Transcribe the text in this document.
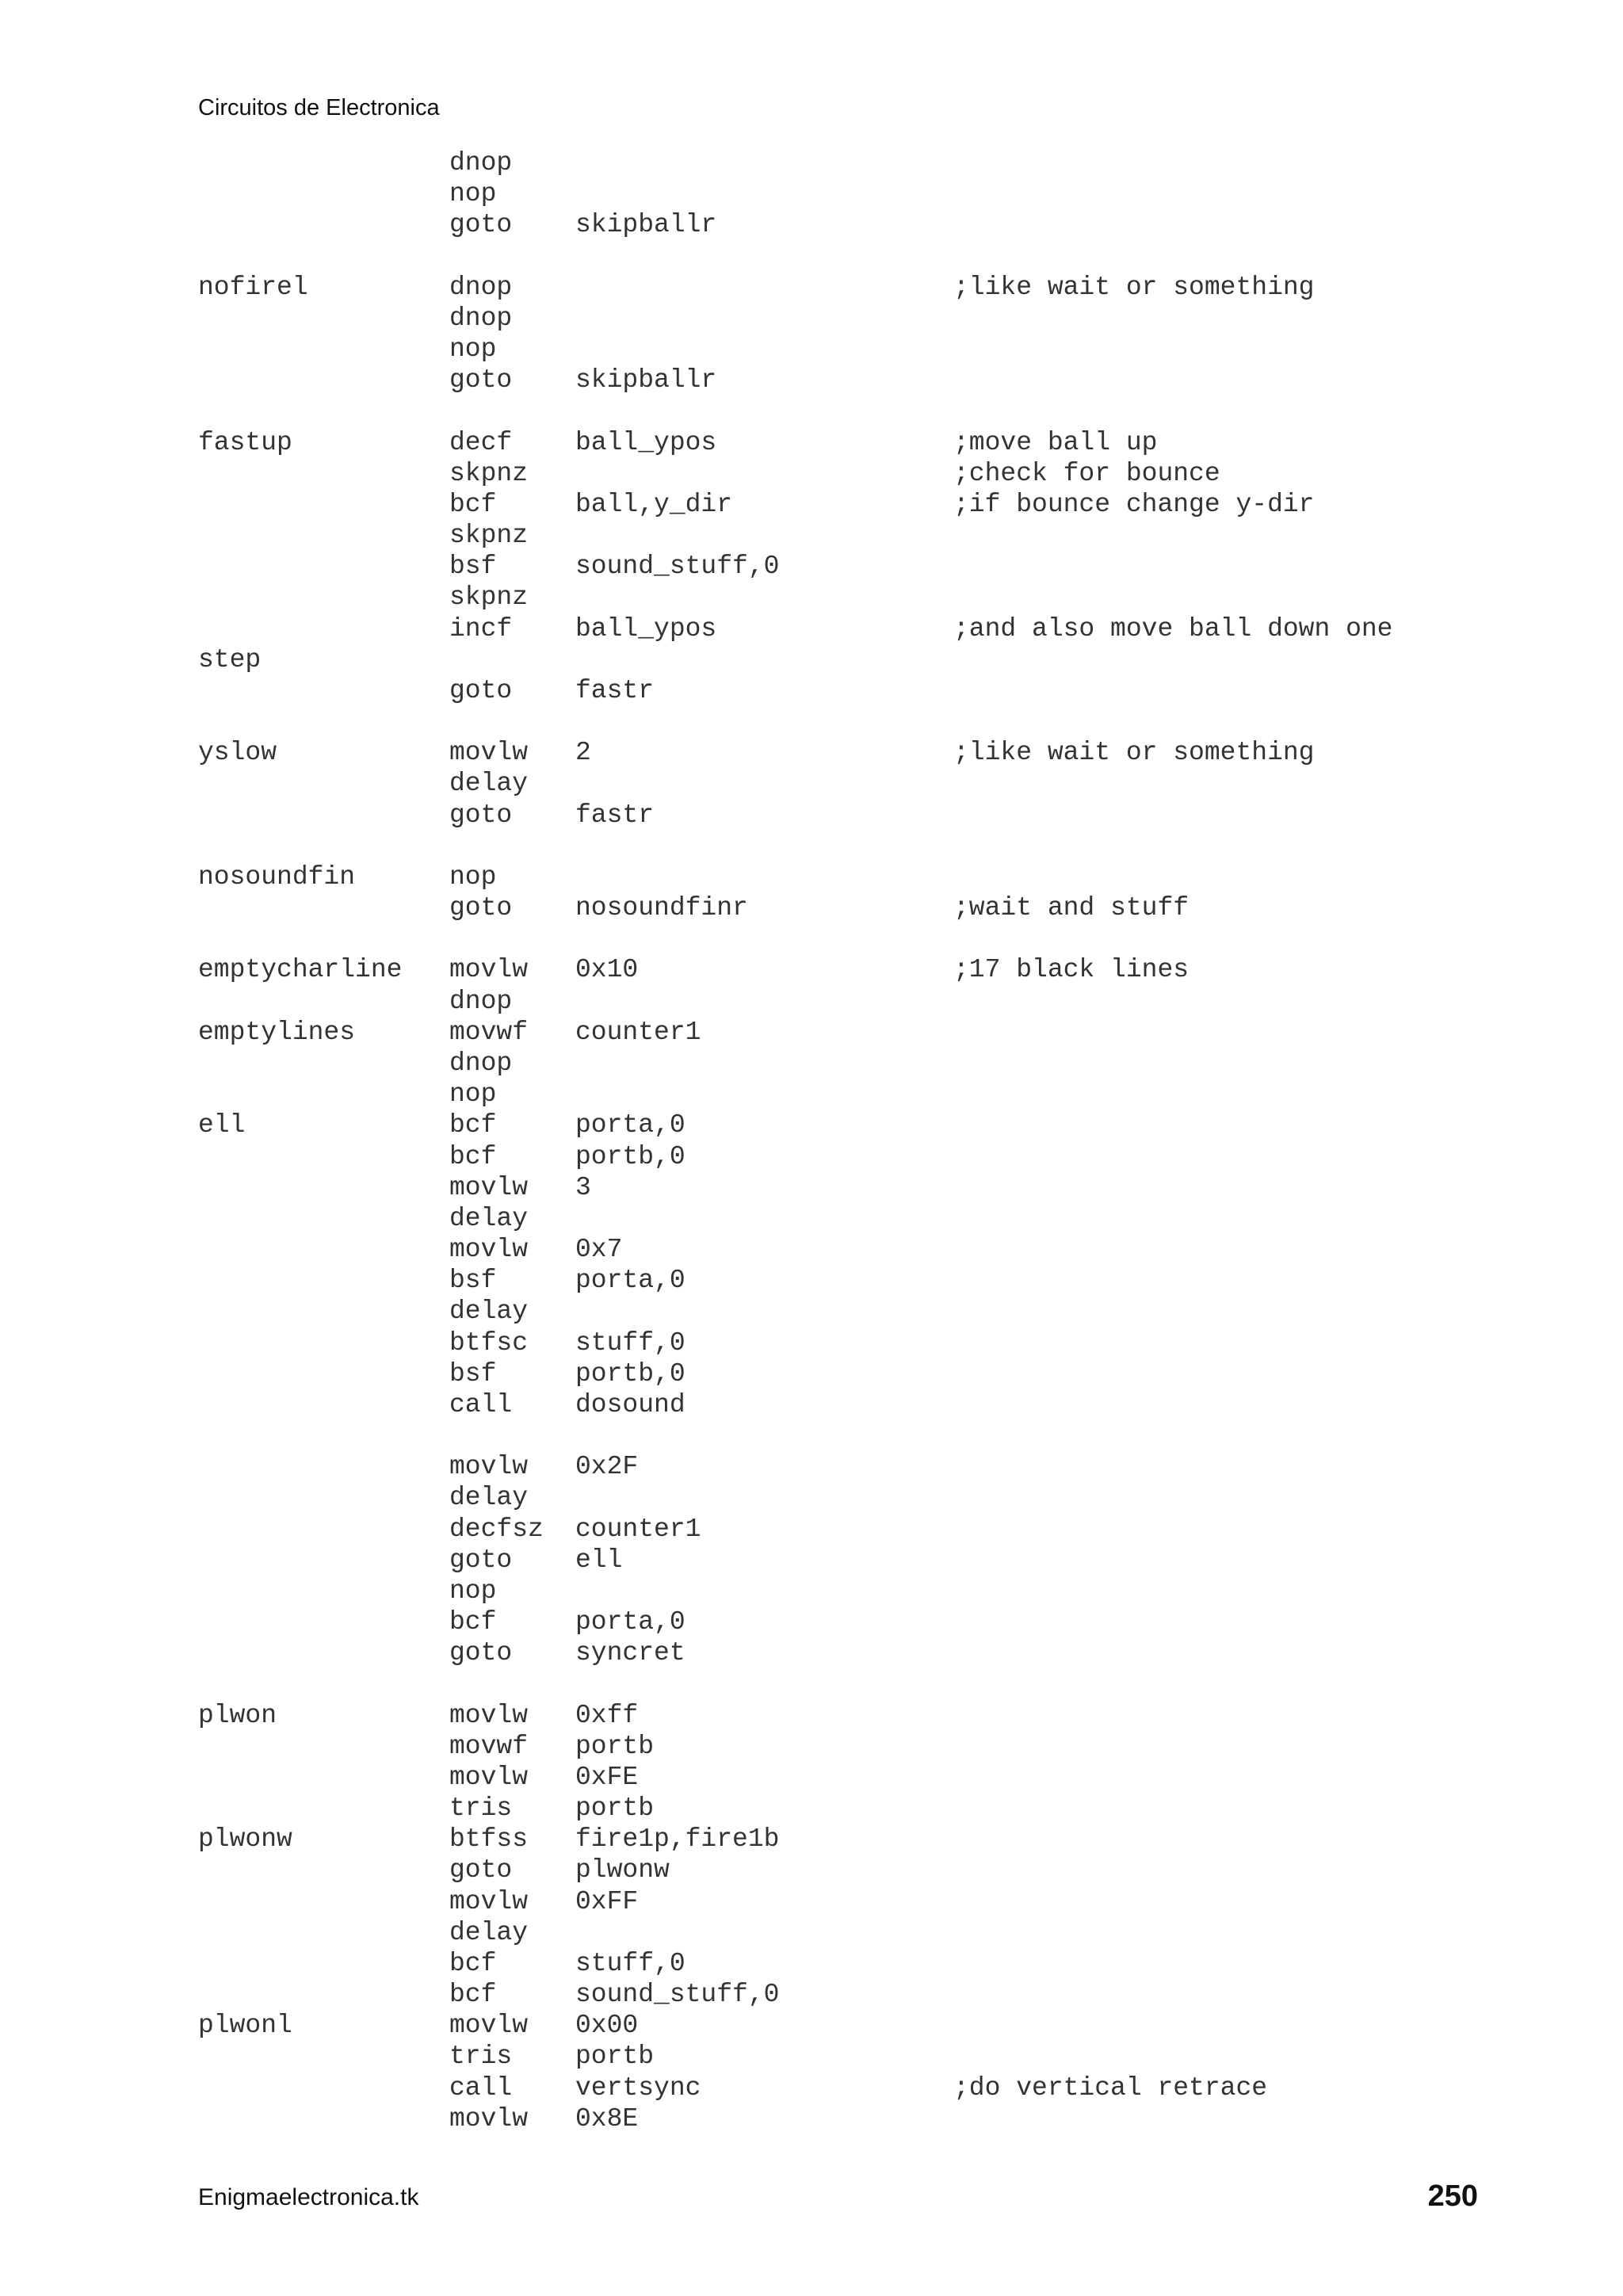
Circuitos de Electronica
dnop
nop
goto skipballr
nofirel	dnop	;like wait or something
dnop
nop
goto skipballr
fastup	decf ball_ypos	;move ball up
skpnz	;check for bounce
bcf	ball,y_dir	;if bounce change y-dir
skpnz
bsf	sound_stuff,0
skpnz
incf ball_ypos	;and also move ball down one
step
goto fastr
yslow	movlw 2	;like wait or something
delay
goto fastr
nosoundfin	nop
goto nosoundfinr	;wait and stuff
emptycharline movlw 0x10	;17 black lines
dnop
emptylines	movwf counter1
dnop
nop
ell	bcf	porta,0
bcf	portb,0
movlw 3
delay
movlw 0x7
bsf	porta,0
delay
btfsc stuff,0
bsf	portb,0
call dosound
movlw 0x2F
delay
decfsz counter1
goto ell
nop
bcf	porta,0
goto syncret
plwon	movlw 0xff
movwf portb
movlw 0xFE
tris portb
plwonw	btfss fire1p,fire1b
goto plwonw
movlw 0xFF
delay
bcf	stuff,0
bcf	sound_stuff,0
plwonl	movlw 0x00
tris portb
call vertsync	;do vertical retrace
movlw 0x8E
Enigmaelectronica.tk	250
